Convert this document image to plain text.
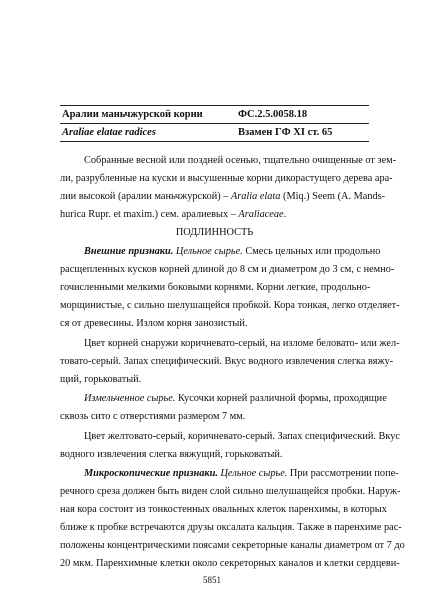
Аралии маньчжурской корни	ФС.2.5.0058.18
Araliae elatae radices	Взамен ГФ XI ст. 65
Собранные весной или поздней осенью, тщательно очищенные от зем-
ли, разрубленные на куски и высушенные корни дикорастущего дерева ара-
лии высокой (аралии маньчжурской) – Aralia elata (Miq.) Seem (A. Mands-
hurica Rupr. et maxim.) сем. аралиевых – Araliaceae.
ПОДЛИННОСТЬ
Внешние признаки. Цельное сырье. Смесь цельных или продольно
расщепленных кусков корней длиной до 8 см и диаметром до 3 см, с немно-
гочисленными мелкими боковыми корнями. Корни легкие, продольно-
морщинистые, с сильно шелушащейся пробкой. Кора тонкая, легко отделяет-
ся от древесины. Излом корня занозистый.
Цвет корней снаружи коричневато-серый, на изломе беловато- или жел-
товато-серый. Запах специфический. Вкус водного извлечения слегка вяжу-
щий, горьковатый.
Измельченное сырье. Кусочки корней различной формы, проходящие
сквозь сито с отверстиями размером 7 мм.
Цвет желтовато-серый, коричневато-серый. Запах специфический. Вкус
водного извлечения слегка вяжущий, горьковатый.
Микроскопические признаки. Цельное сырье. При рассмотрении попе-
речного среза должен быть виден слой сильно шелушащейся пробки. Наруж-
ная кора состоит из тонкостенных овальных клеток паренхимы, в которых
ближе к пробке встречаются друзы оксалата кальция. Также в паренхиме рас-
положены концентрическими поясами секреторные каналы диаметром от 7 до
20 мкм. Паренхимные клетки около секреторных каналов и клетки сердцеви-
5851
